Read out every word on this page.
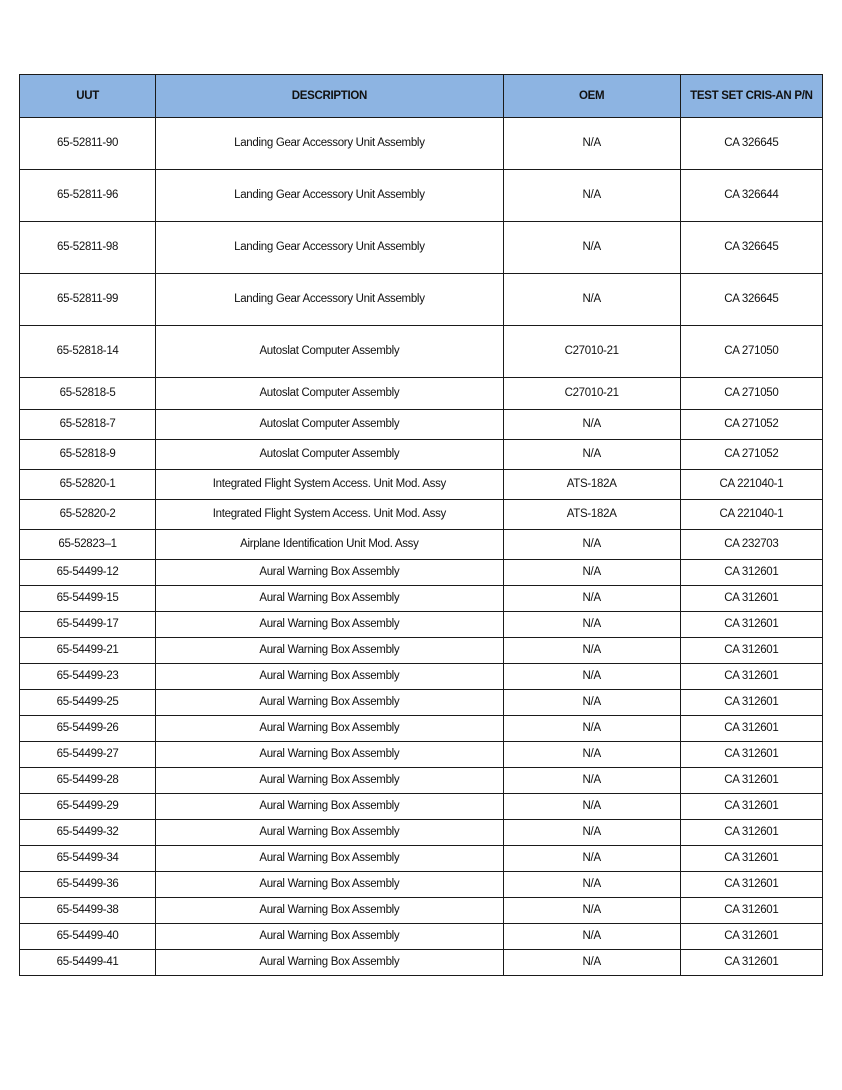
UUT	DESCRIPTION	OEM	TEST SET CRIS-AN P/N
65-52811-90	Landing Gear Accessory Unit Assembly	N/A	CA 326645
65-52811-96	Landing Gear Accessory Unit Assembly	N/A	CA 326644
65-52811-98	Landing Gear Accessory Unit Assembly	N/A	CA 326645
65-52811-99	Landing Gear Accessory Unit Assembly	N/A	CA 326645
65-52818-14	Autoslat Computer Assembly	C27010-21	CA 271050
65-52818-5	Autoslat Computer Assembly	C27010-21	CA 271050
65-52818-7	Autoslat Computer Assembly	N/A	CA 271052
65-52818-9	Autoslat Computer Assembly	N/A	CA 271052
65-52820-1	Integrated Flight System Access. Unit Mod. Assy	ATS-182A	CA 221040-1
65-52820-2	Integrated Flight System Access. Unit Mod. Assy	ATS-182A	CA 221040-1
65-52823–1	Airplane Identification Unit Mod. Assy	N/A	CA 232703
65-54499-12	Aural Warning Box Assembly	N/A	CA 312601
65-54499-15	Aural Warning Box Assembly	N/A	CA 312601
65-54499-17	Aural Warning Box Assembly	N/A	CA 312601
65-54499-21	Aural Warning Box Assembly	N/A	CA 312601
65-54499-23	Aural Warning Box Assembly	N/A	CA 312601
65-54499-25	Aural Warning Box Assembly	N/A	CA 312601
65-54499-26	Aural Warning Box Assembly	N/A	CA 312601
65-54499-27	Aural Warning Box Assembly	N/A	CA 312601
65-54499-28	Aural Warning Box Assembly	N/A	CA 312601
65-54499-29	Aural Warning Box Assembly	N/A	CA 312601
65-54499-32	Aural Warning Box Assembly	N/A	CA 312601
65-54499-34	Aural Warning Box Assembly	N/A	CA 312601
65-54499-36	Aural Warning Box Assembly	N/A	CA 312601
65-54499-38	Aural Warning Box Assembly	N/A	CA 312601
65-54499-40	Aural Warning Box Assembly	N/A	CA 312601
65-54499-41	Aural Warning Box Assembly	N/A	CA 312601
